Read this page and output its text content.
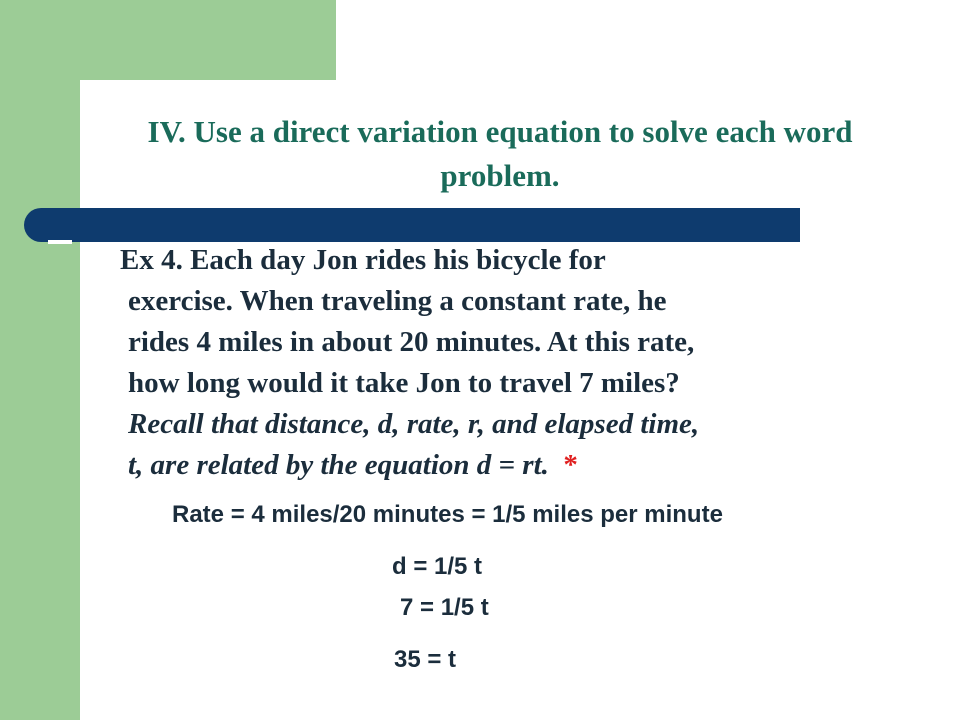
IV. Use a direct variation equation to solve each word problem.
Ex 4. Each day Jon rides his bicycle for
exercise. When traveling a constant rate, he
rides 4 miles in about 20 minutes. At this rate,
how long would it take Jon to travel 7 miles?
Recall that distance, d, rate, r, and elapsed time,
t, are related by the equation d = rt. *
Rate = 4 miles/20 minutes = 1/5 miles per minute
d = 1/5 t
7 = 1/5 t
35 = t
